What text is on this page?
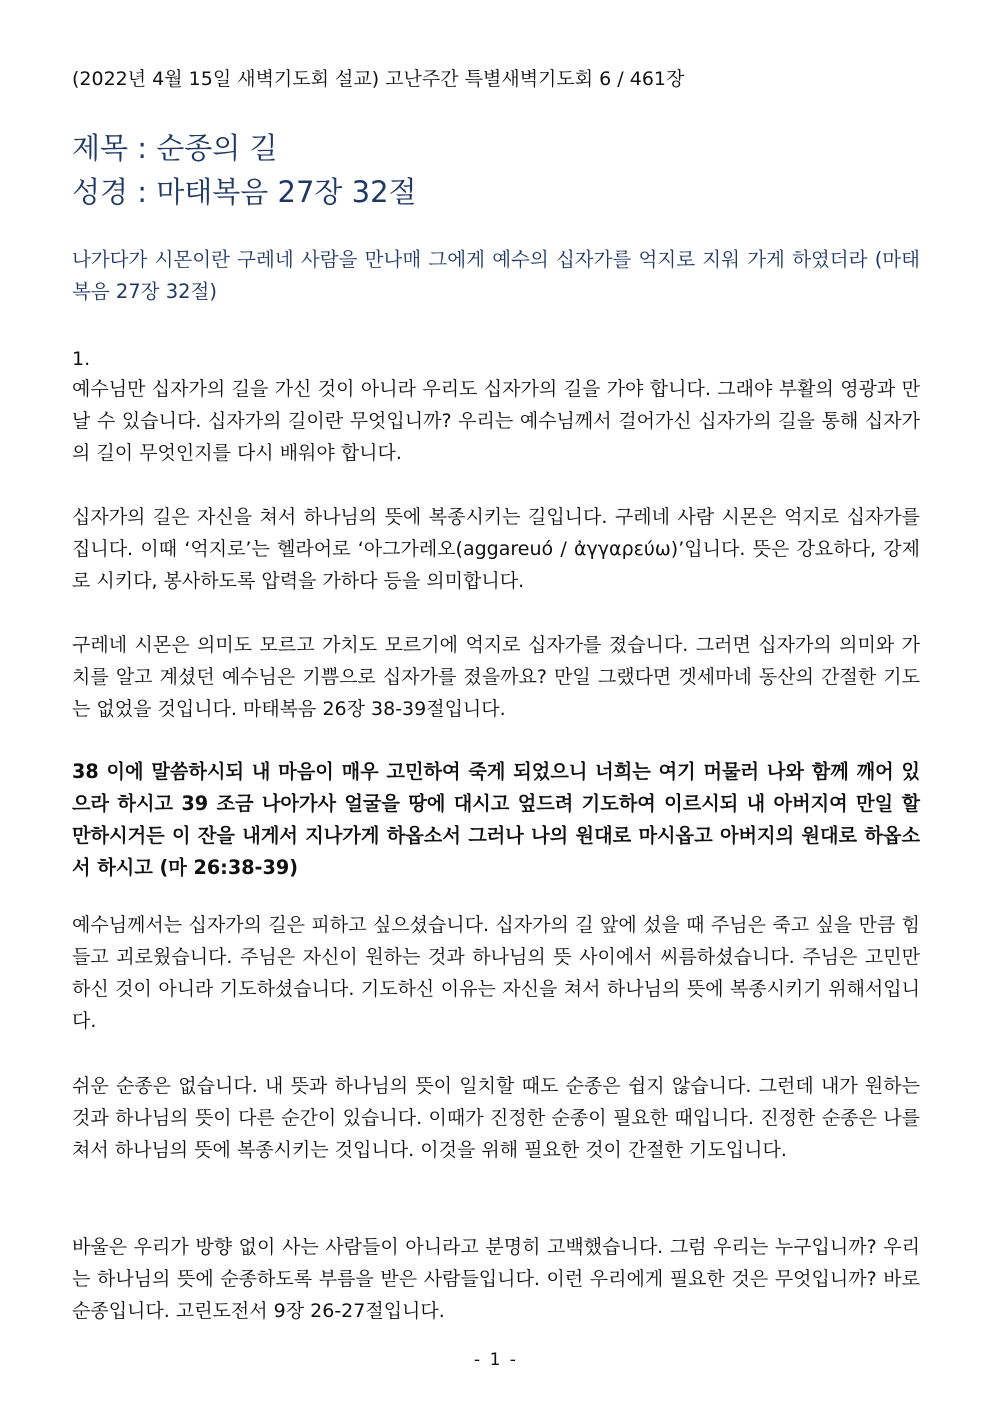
(2022년 4월 15일 새벽기도회 설교) 고난주간 특별새벽기도회 6 / 461장
제목 : 순종의 길
성경 : 마태복음 27장 32절
나가다가 시몬이란 구레네 사람을 만나매 그에게 예수의 십자가를 억지로 지워 가게 하였더라 (마태복음 27장 32절)
1.
예수님만 십자가의 길을 가신 것이 아니라 우리도 십자가의 길을 가야 합니다. 그래야 부활의 영광과 만날 수 있습니다. 십자가의 길이란 무엇입니까? 우리는 예수님께서 걸어가신 십자가의 길을 통해 십자가의 길이 무엇인지를 다시 배워야 합니다.
십자가의 길은 자신을 쳐서 하나님의 뜻에 복종시키는 길입니다. 구레네 사람 시몬은 억지로 십자가를 집니다. 이때 ‘억지로’는 헬라어로 ‘아그가레오(aggareuó / ἀγγαρεύω)’입니다. 뜻은 강요하다, 강제로 시키다, 봉사하도록 압력을 가하다 등을 의미합니다.
구레네 시몬은 의미도 모르고 가치도 모르기에 억지로 십자가를 졌습니다. 그러면 십자가의 의미와 가치를 알고 계셨던 예수님은 기쁨으로 십자가를 졌을까요? 만일 그랬다면 겟세마네 동산의 간절한 기도는 없었을 것입니다. 마태복음 26장 38-39절입니다.
38 이에 말씀하시되 내 마음이 매우 고민하여 죽게 되었으니 너희는 여기 머물러 나와 함께 깨어 있으라 하시고 39 조금 나아가사 얼굴을 땅에 대시고 엎드려 기도하여 이르시되 내 아버지여 만일 할 만하시거든 이 잔을 내게서 지나가게 하옵소서 그러나 나의 원대로 마시옵고 아버지의 원대로 하옵소서 하시고 (마 26:38-39)
예수님께서는 십자가의 길은 피하고 싶으셨습니다. 십자가의 길 앞에 섰을 때 주님은 죽고 싶을 만큼 힘들고 괴로웠습니다. 주님은 자신이 원하는 것과 하나님의 뜻 사이에서 씨름하셨습니다. 주님은 고민만 하신 것이 아니라 기도하셨습니다. 기도하신 이유는 자신을 쳐서 하나님의 뜻에 복종시키기 위해서입니다.
쉬운 순종은 없습니다. 내 뜻과 하나님의 뜻이 일치할 때도 순종은 쉽지 않습니다. 그런데 내가 원하는 것과 하나님의 뜻이 다른 순간이 있습니다. 이때가 진정한 순종이 필요한 때입니다. 진정한 순종은 나를 쳐서 하나님의 뜻에 복종시키는 것입니다. 이것을 위해 필요한 것이 간절한 기도입니다.
바울은 우리가 방향 없이 사는 사람들이 아니라고 분명히 고백했습니다. 그럼 우리는 누구입니까? 우리는 하나님의 뜻에 순종하도록 부름을 받은 사람들입니다. 이런 우리에게 필요한 것은 무엇입니까? 바로 순종입니다. 고린도전서 9장 26-27절입니다.
- 1 -
